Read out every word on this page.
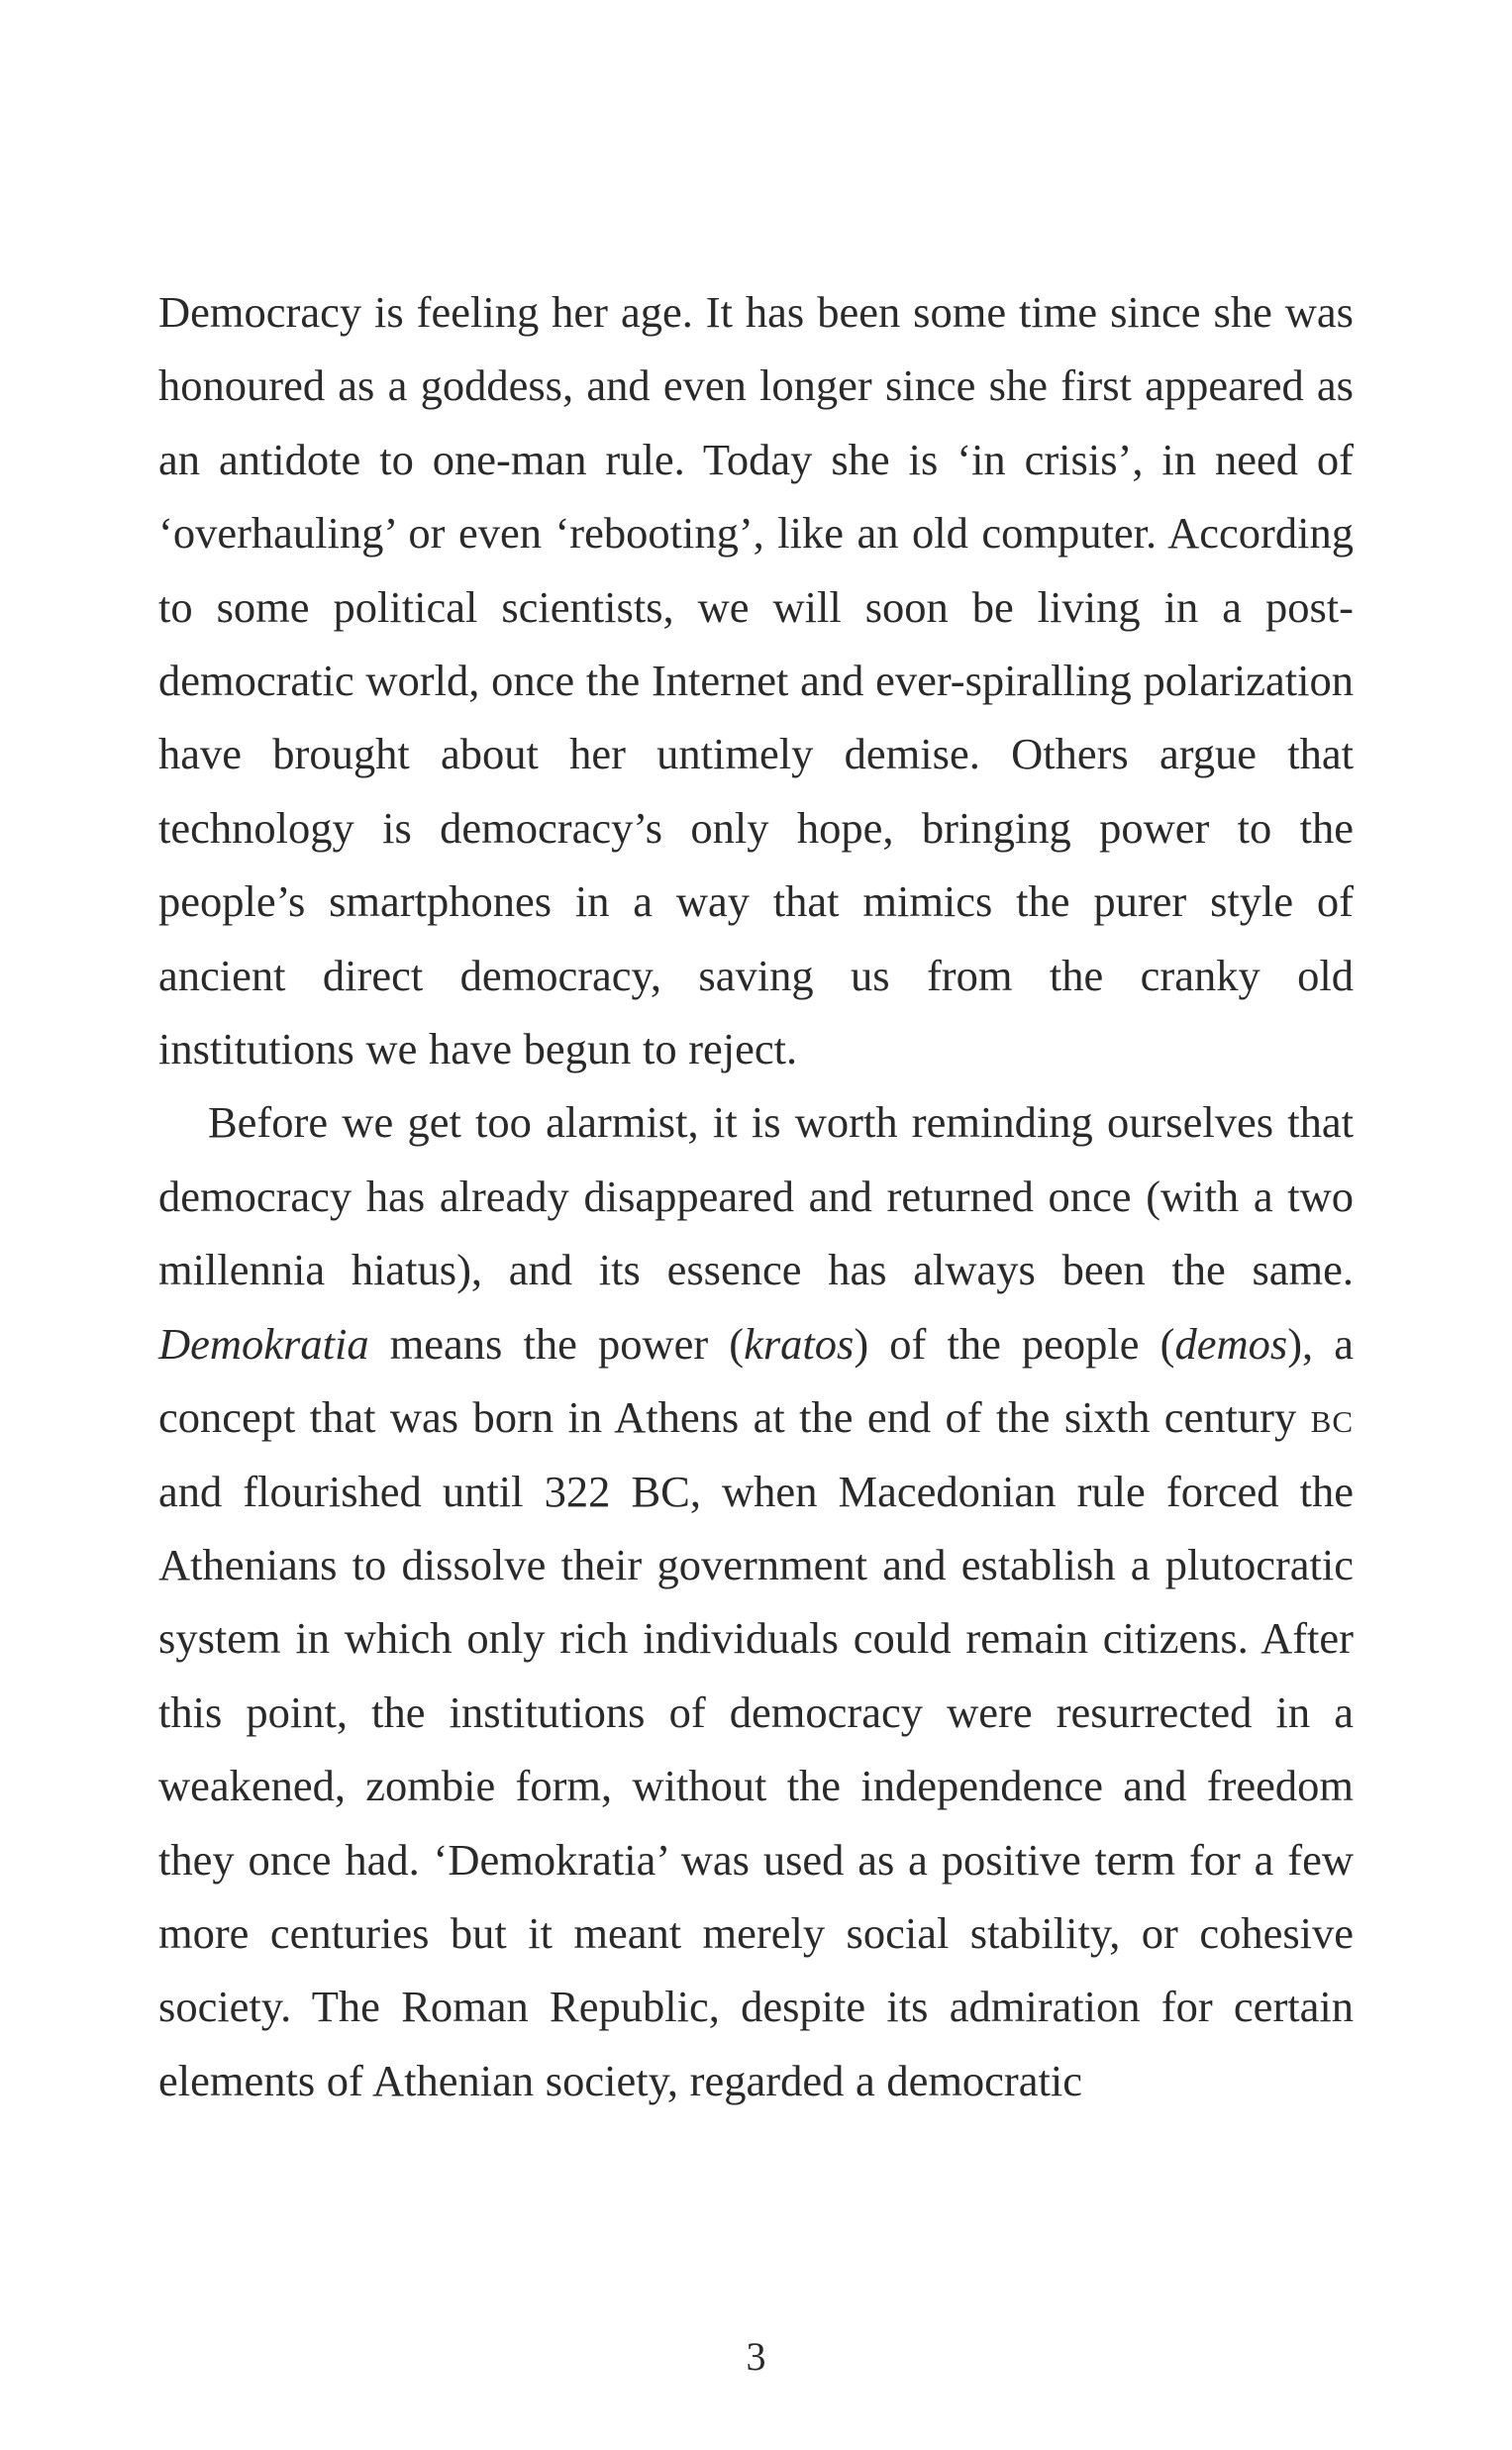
Democracy is feeling her age. It has been some time since she was honoured as a goddess, and even longer since she first appeared as an antidote to one-man rule. Today she is ‘in crisis’, in need of ‘overhauling’ or even ‘rebooting’, like an old computer. According to some political scientists, we will soon be living in a post-democratic world, once the Internet and ever-spiralling polarization have brought about her untimely demise. Others argue that technology is democracy’s only hope, bringing power to the people’s smartphones in a way that mimics the purer style of ancient direct democracy, saving us from the cranky old institutions we have begun to reject.

Before we get too alarmist, it is worth reminding ourselves that democracy has already disappeared and returned once (with a two millennia hiatus), and its essence has always been the same. Demokratia means the power (kratos) of the people (demos), a concept that was born in Athens at the end of the sixth century bc and flourished until 322 BC, when Macedonian rule forced the Athenians to dissolve their government and establish a plutocratic system in which only rich individuals could remain citizens. After this point, the institutions of democracy were resurrected in a weakened, zombie form, without the independence and freedom they once had. ‘Demokratia’ was used as a positive term for a few more centuries but it meant merely social stability, or cohesive society. The Roman Republic, despite its admiration for certain elements of Athenian society, regarded a democratic

3
